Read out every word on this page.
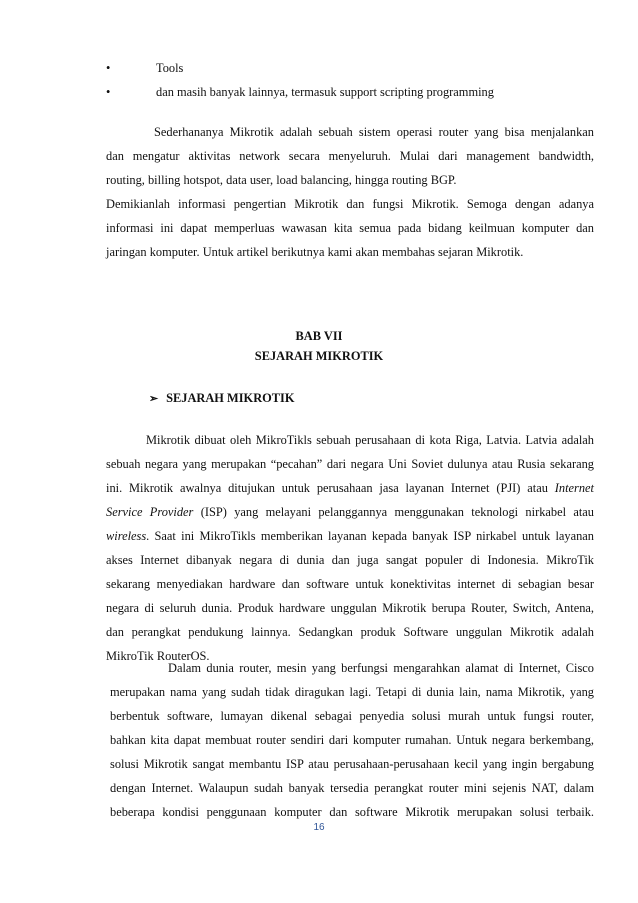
•	Tools
•	dan masih banyak lainnya, termasuk support scripting programming
Sederhananya Mikrotik adalah sebuah sistem operasi router yang bisa menjalankan
dan mengatur aktivitas network secara menyeluruh. Mulai dari management bandwidth,
routing, billing hotspot, data user, load balancing, hingga routing BGP.
Demikianlah informasi pengertian Mikrotik dan fungsi Mikrotik. Semoga dengan adanya
informasi ini dapat memperluas wawasan kita semua pada bidang keilmuan komputer dan
jaringan komputer. Untuk artikel berikutnya kami akan membahas sejaran Mikrotik.
BAB VII
SEJARAH MIKROTIK
➢ SEJARAH MIKROTIK
Mikrotik dibuat oleh MikroTikls sebuah perusahaan di kota Riga, Latvia. Latvia adalah
sebuah negara yang merupakan “pecahan” dari negara Uni Soviet dulunya atau Rusia sekarang
ini. Mikrotik awalnya ditujukan untuk perusahaan jasa layanan Internet (PJI) atau Internet
Service Provider (ISP) yang melayani pelanggannya menggunakan teknologi nirkabel atau
wireless. Saat ini MikroTikls memberikan layanan kepada banyak ISP nirkabel untuk layanan
akses Internet dibanyak negara di dunia dan juga sangat populer di Indonesia. MikroTik
sekarang menyediakan hardware dan software untuk konektivitas internet di sebagian besar
negara di seluruh dunia. Produk hardware unggulan Mikrotik berupa Router, Switch, Antena,
dan perangkat pendukung lainnya. Sedangkan produk Software unggulan Mikrotik adalah
MikroTik RouterOS.
Dalam dunia router, mesin yang berfungsi mengarahkan alamat di Internet, Cisco
merupakan nama yang sudah tidak diragukan lagi. Tetapi di dunia lain, nama Mikrotik, yang
berbentuk software, lumayan dikenal sebagai penyedia solusi murah untuk fungsi router,
bahkan kita dapat membuat router sendiri dari komputer rumahan. Untuk negara berkembang,
solusi Mikrotik sangat membantu ISP atau perusahaan-perusahaan kecil yang ingin bergabung
dengan Internet. Walaupun sudah banyak tersedia perangkat router mini sejenis NAT, dalam
beberapa kondisi penggunaan komputer dan software Mikrotik merupakan solusi terbaik.
16
